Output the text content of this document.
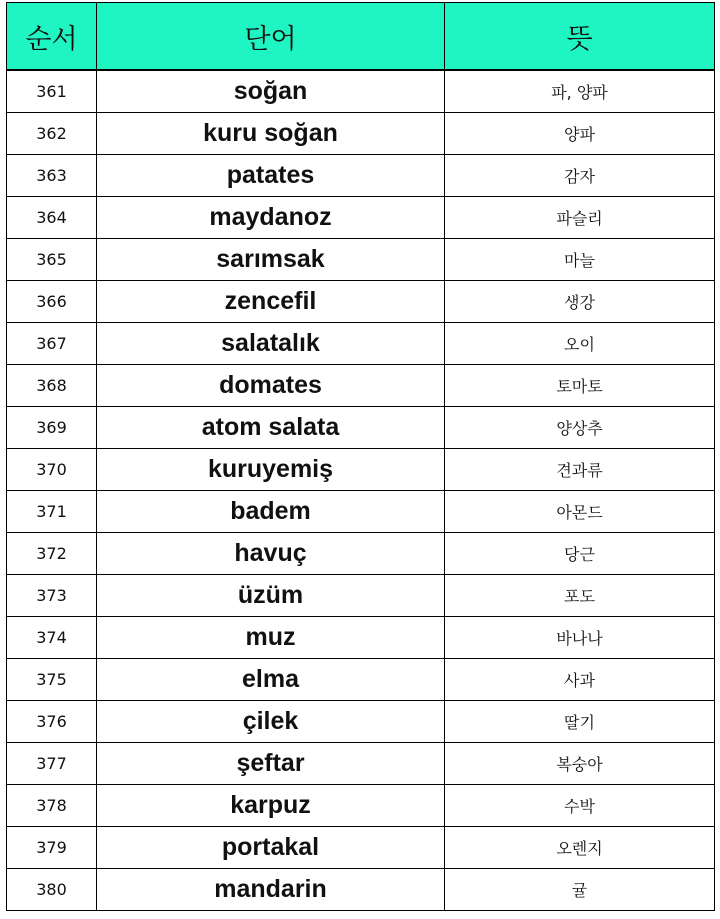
순서	단어	뜻
361	soğan	파, 양파
362	kuru soğan	양파
363	patates	감자
364	maydanoz	파슬리
365	sarımsak	마늘
366	zencefil	생강
367	salatalık	오이
368	domates	토마토
369	atom salata	양상추
370	kuruyemiş	견과류
371	badem	아몬드
372	havuç	당근
373	üzüm	포도
374	muz	바나나
375	elma	사과
376	çilek	딸기
377	şeftar	복숭아
378	karpuz	수박
379	portakal	오렌지
380	mandarin	귤
